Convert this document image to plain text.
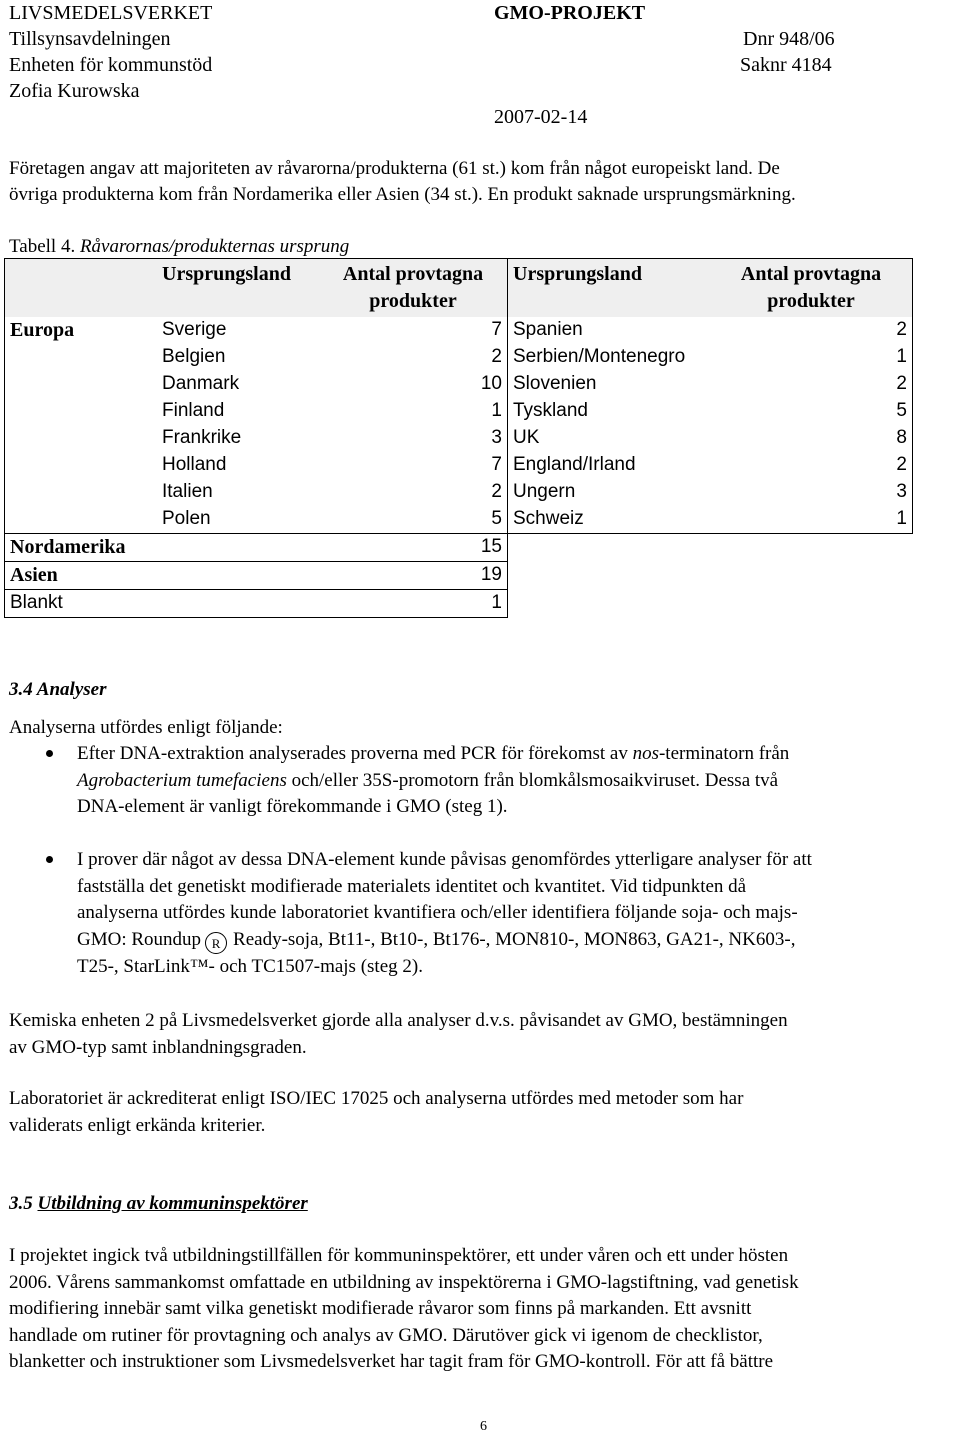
LIVSMEDELSVERKET	GMO-PROJEKT
Tillsynsavdelningen	Dnr 948/06
Enheten för kommunstöd	Saknr 4184
Zofia Kurowska
2007-02-14
Företagen angav att majoriteten av råvarorna/produkterna (61 st.) kom från något europeiskt land. De
övriga produkterna kom från Nordamerika eller Asien (34 st.). En produkt saknade ursprungsmärkning.
Tabell 4. Råvarornas/produkternas ursprung
	Ursprungsland	Antal provtagna produkter	Ursprungsland	Antal provtagna produkter
Europa	Sverige	7	Spanien	2
	Belgien	2	Serbien/Montenegro	1
	Danmark	10	Slovenien	2
	Finland	1	Tyskland	5
	Frankrike	3	UK	8
	Holland	7	England/Irland	2
	Italien	2	Ungern	3
	Polen	5	Schweiz	1
Nordamerika		15		
Asien		19		
Blankt		1		
3.4 Analyser
Analyserna utfördes enligt följande:
Efter DNA-extraktion analyserades proverna med PCR för förekomst av nos-terminatorn från
Agrobacterium tumefaciens och/eller 35S-promotorn från blomkålsmosaikviruset. Dessa två
DNA-element är vanligt förekommande i GMO (steg 1).
I prover där något av dessa DNA-element kunde påvisas genomfördes ytterligare analyser för att
fastställa det genetiskt modifierade materialets identitet och kvantitet. Vid tidpunkten då
analyserna utfördes kunde laboratoriet kvantifiera och/eller identifiera följande soja- och majs-
GMO: Roundup R Ready-soja, Bt11-, Bt10-, Bt176-, MON810-, MON863, GA21-, NK603-,
T25-, StarLink™- och TC1507-majs (steg 2).
Kemiska enheten 2 på Livsmedelsverket gjorde alla analyser d.v.s. påvisandet av GMO, bestämningen
av GMO-typ samt inblandningsgraden.
Laboratoriet är ackrediterat enligt ISO/IEC 17025 och analyserna utfördes med metoder som har
validerats enligt erkända kriterier.
3.5 Utbildning av kommuninspektörer
I projektet ingick två utbildningstillfällen för kommuninspektörer, ett under våren och ett under hösten
2006. Vårens sammankomst omfattade en utbildning av inspektörerna i GMO-lagstiftning, vad genetisk
modifiering innebär samt vilka genetiskt modifierade råvaror som finns på markanden. Ett avsnitt
handlade om rutiner för provtagning och analys av GMO. Därutöver gick vi igenom de checklistor,
blanketter och instruktioner som Livsmedelsverket har tagit fram för GMO-kontroll. För att få bättre
6
